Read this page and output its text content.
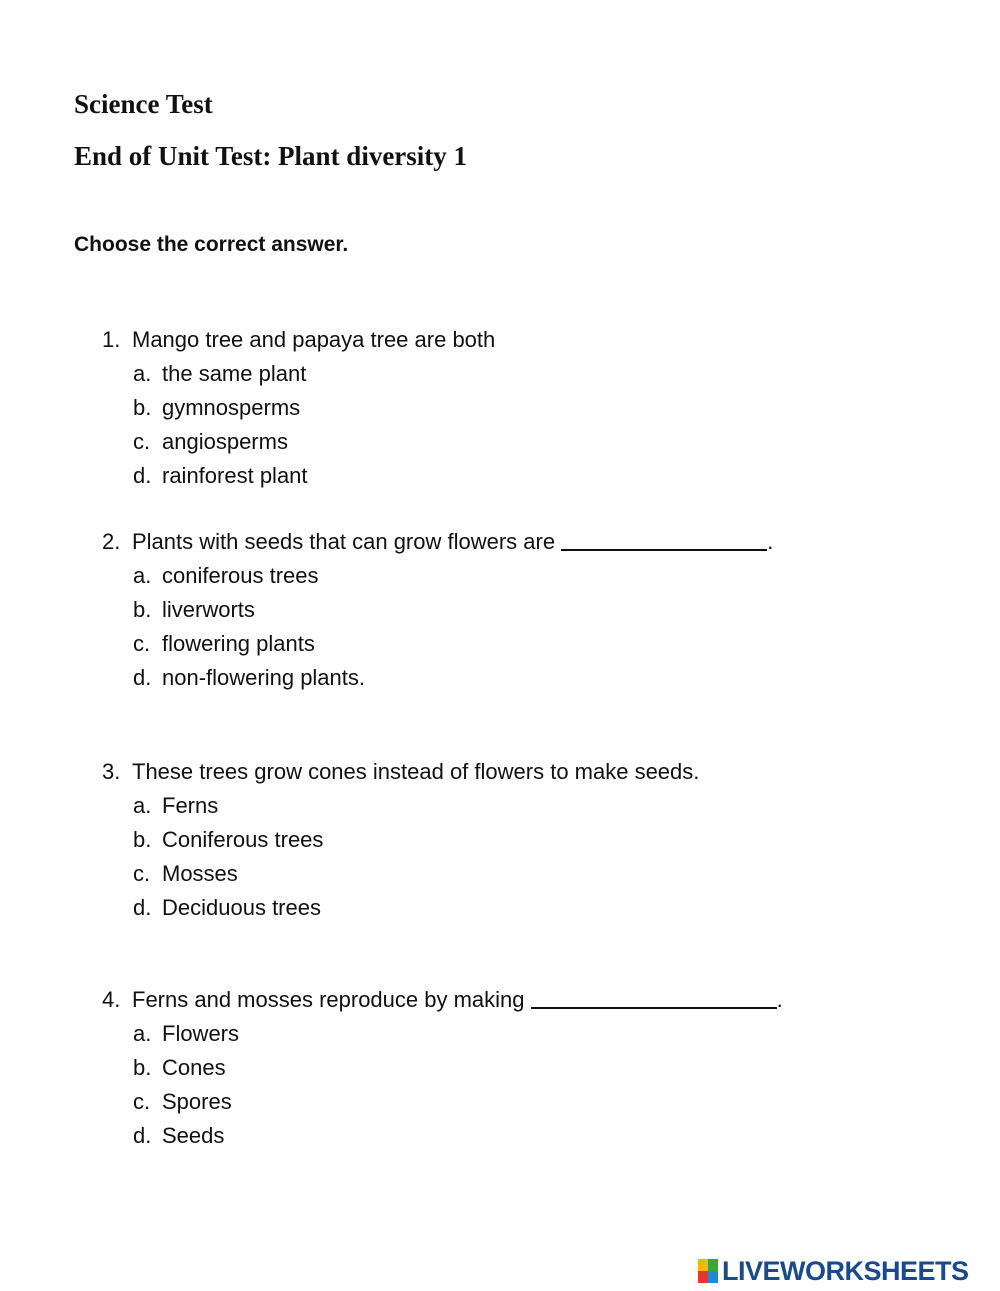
Science Test
End of Unit Test: Plant diversity 1

Choose the correct answer.

1. Mango tree and papaya tree are both
a. the same plant
b. gymnosperms
c. angiosperms
d. rainforest plant
2. Plants with seeds that can grow flowers are	.
a. coniferous trees
b. liverworts
c. flowering plants
d. non-flowering plants.
3. These trees grow cones instead of flowers to make seeds.
a. Ferns
b. Coniferous trees
c. Mosses
d. Deciduous trees
4. Ferns and mosses reproduce by making	.
a. Flowers
b. Cones
c. Spores
d. Seeds
LIVEWORKSHEETS
